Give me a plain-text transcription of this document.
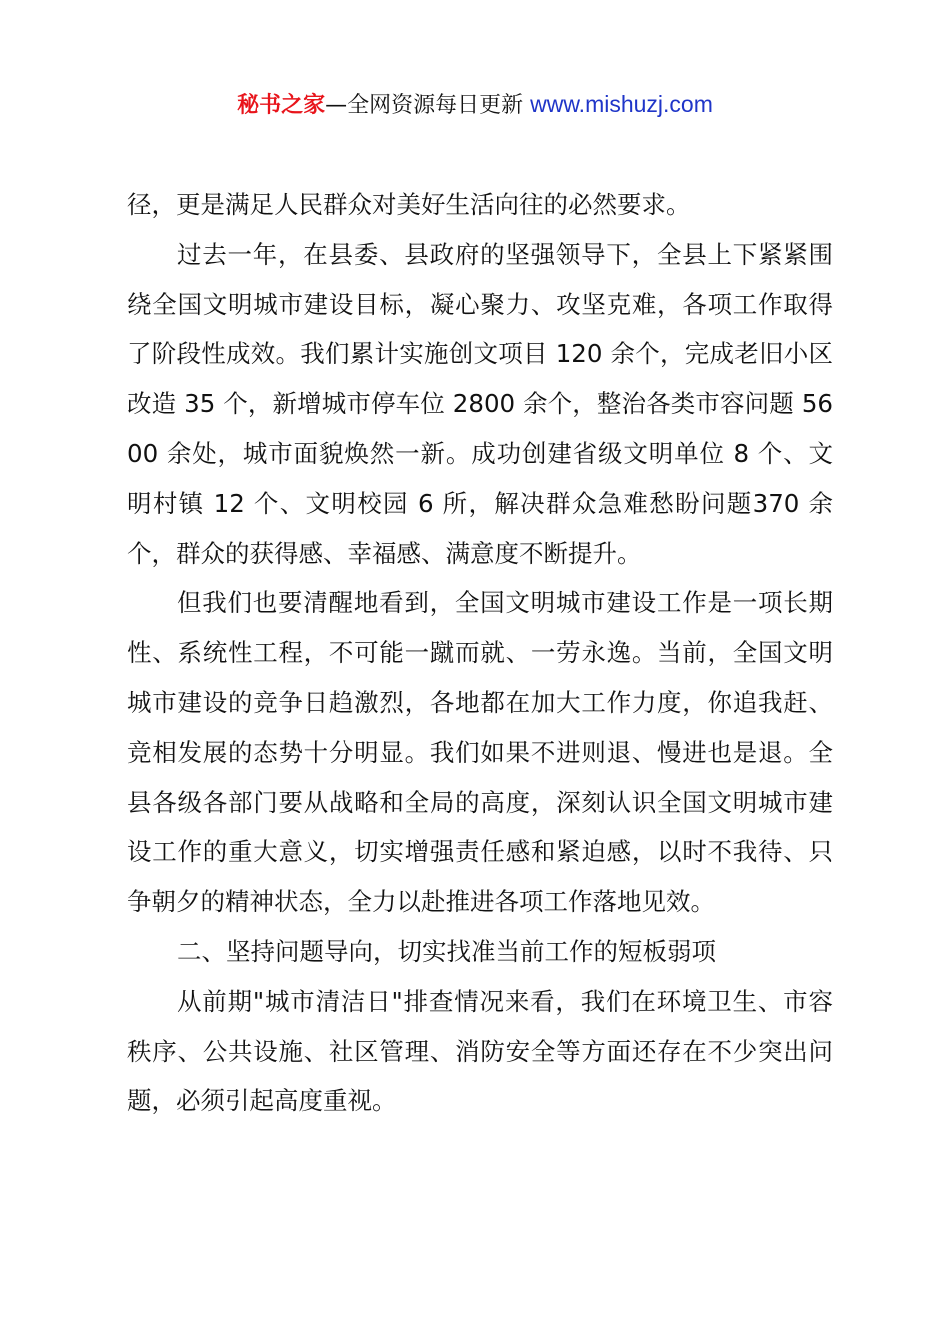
秘书之家—全网资源每日更新 www.mishuzj.com

径，更是满足人民群众对美好生活向往的必然要求。

过去一年，在县委、县政府的坚强领导下，全县上下紧紧围绕全国文明城市建设目标，凝心聚力、攻坚克难，各项工作取得了阶段性成效。我们累计实施创文项目 120 余个，完成老旧小区改造 35 个，新增城市停车位 2800 余个，整治各类市容问题 5600 余处，城市面貌焕然一新。成功创建省级文明单位 8 个、文明村镇 12 个、文明校园 6 所，解决群众急难愁盼问题370 余个，群众的获得感、幸福感、满意度不断提升。

但我们也要清醒地看到，全国文明城市建设工作是一项长期性、系统性工程，不可能一蹴而就、一劳永逸。当前，全国文明城市建设的竞争日趋激烈，各地都在加大工作力度，你追我赶、竞相发展的态势十分明显。我们如果不进则退、慢进也是退。全县各级各部门要从战略和全局的高度，深刻认识全国文明城市建设工作的重大意义，切实增强责任感和紧迫感，以时不我待、只争朝夕的精神状态，全力以赴推进各项工作落地见效。

二、坚持问题导向，切实找准当前工作的短板弱项

从前期"城市清洁日"排查情况来看，我们在环境卫生、市容秩序、公共设施、社区管理、消防安全等方面还存在不少突出问题，必须引起高度重视。
